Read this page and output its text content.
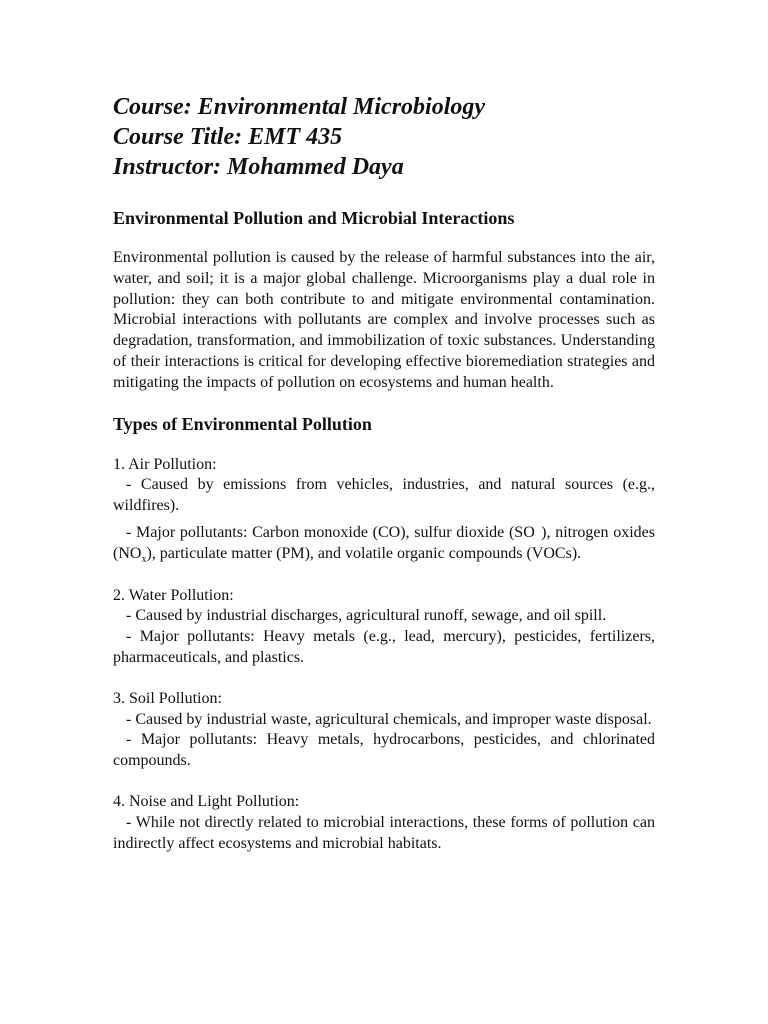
Course: Environmental Microbiology

Course Title: EMT 435

Instructor: Mohammed Daya

Environmental Pollution and Microbial Interactions

Environmental pollution is caused by the release of harmful substances into the air, water, and soil; it is a major global challenge. Microorganisms play a dual role in pollution: they can both contribute to and mitigate environmental contamination. Microbial interactions with pollutants are complex and involve processes such as degradation, transformation, and immobilization of toxic substances. Understanding of their interactions is critical for developing effective bioremediation strategies and mitigating the impacts of pollution on ecosystems and human health.

Types of Environmental Pollution

1. Air Pollution:

- Caused by emissions from vehicles, industries, and natural sources (e.g., wildfires).

- Major pollutants: Carbon monoxide (CO), sulfur dioxide (SO  ), nitrogen oxides $(NO_x)$, particulate matter (PM), and volatile organic compounds (VOCs).

2. Water Pollution:

- Caused by industrial discharges, agricultural runoff, sewage, and oil spill.

- Major pollutants: Heavy metals (e.g., lead, mercury), pesticides, fertilizers, pharmaceuticals, and plastics.

3. Soil Pollution:

- Caused by industrial waste, agricultural chemicals, and improper waste disposal.

- Major pollutants: Heavy metals, hydrocarbons, pesticides, and chlorinated compounds.

4. Noise and Light Pollution:

- While not directly related to microbial interactions, these forms of pollution can indirectly affect ecosystems and microbial habitats.
